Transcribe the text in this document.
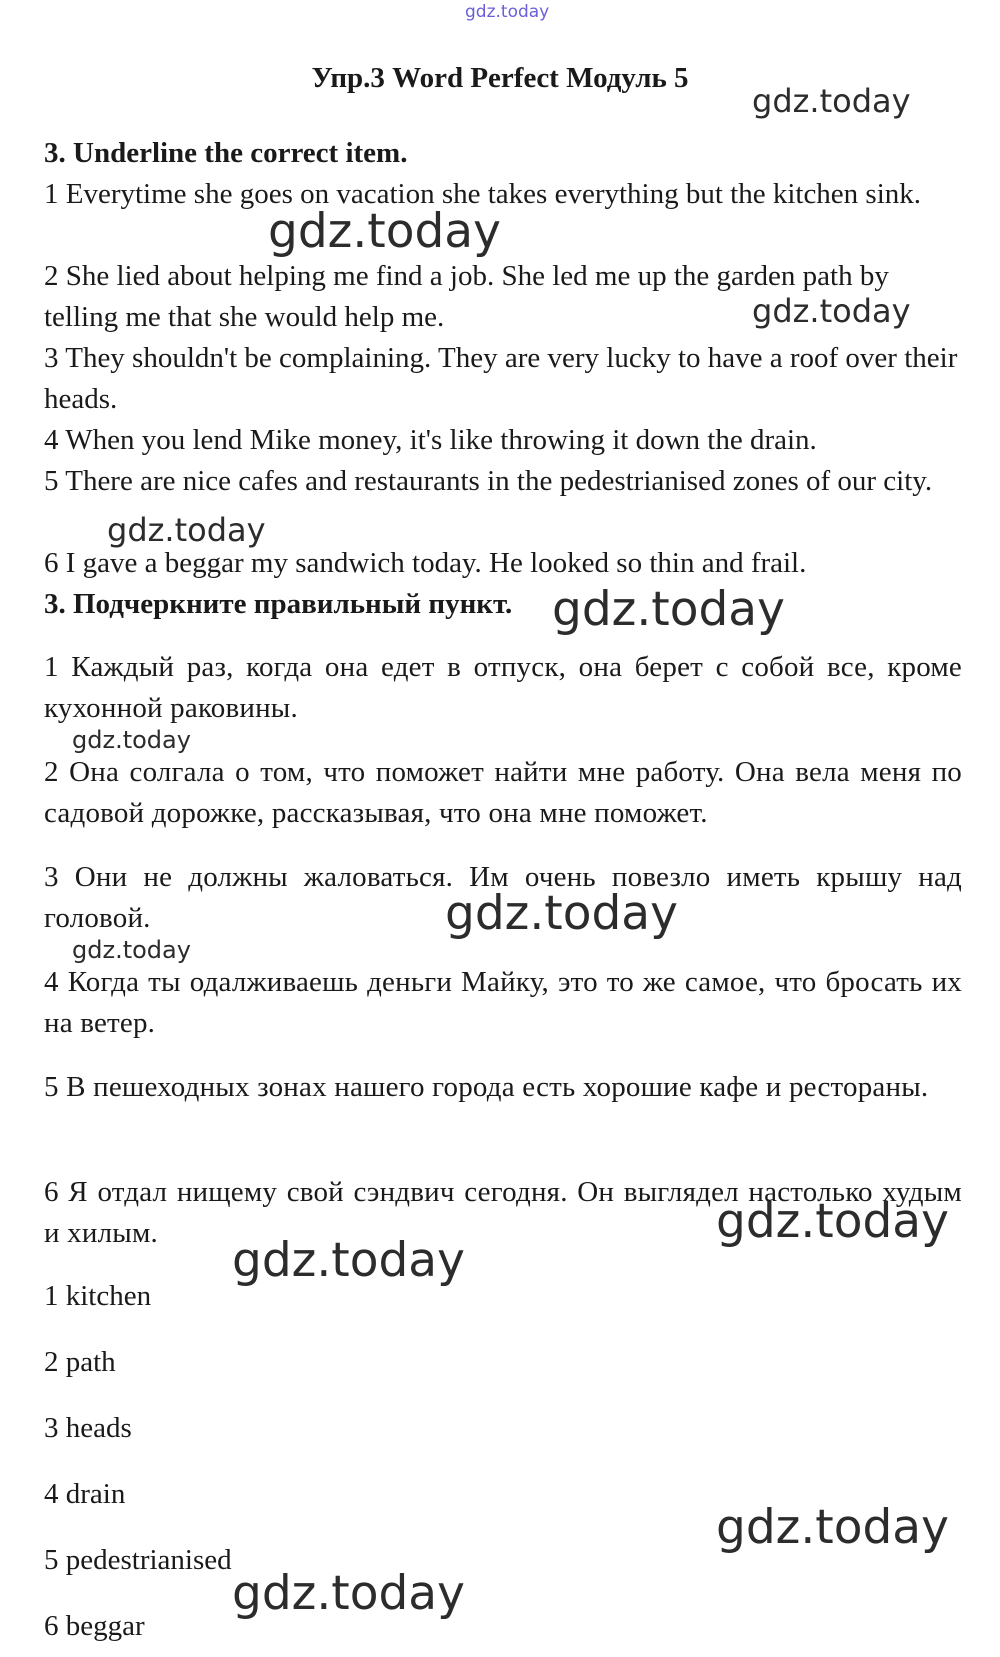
gdz.today
gdz.today
gdz.today
gdz.today
gdz.today
gdz.today
gdz.today
gdz.today
gdz.today
gdz.today
gdz.today
gdz.today
gdz.today
Упр.3 Word Perfect Модуль 5
3. Underline the correct item.
1 Everytime she goes on vacation she takes everything but the kitchen sink.
2 She lied about helping me find a job. She led me up the garden path by telling me that she would help me.
3 They shouldn't be complaining. They are very lucky to have a roof over their heads.
4 When you lend Mike money, it's like throwing it down the drain.
5 There are nice cafes and restaurants in the pedestrianised zones of our city.
6 I gave a beggar my sandwich today. He looked so thin and frail.
3. Подчеркните правильный пункт.
1 Каждый раз, когда она едет в отпуск, она берет с собой все, кроме кухонной раковины.
2 Она солгала о том, что поможет найти мне работу. Она вела меня по садовой дорожке, рассказывая, что она мне поможет.
3 Они не должны жаловаться. Им очень повезло иметь крышу над головой.
4 Когда ты одалживаешь деньги Майку, это то же самое, что бросать их на ветер.
5 В пешеходных зонах нашего города есть хорошие кафе и рестораны.
6 Я отдал нищему свой сэндвич сегодня. Он выглядел настолько худым и хилым.
1 kitchen
2 path
3 heads
4 drain
5 pedestrianised
6 beggar
